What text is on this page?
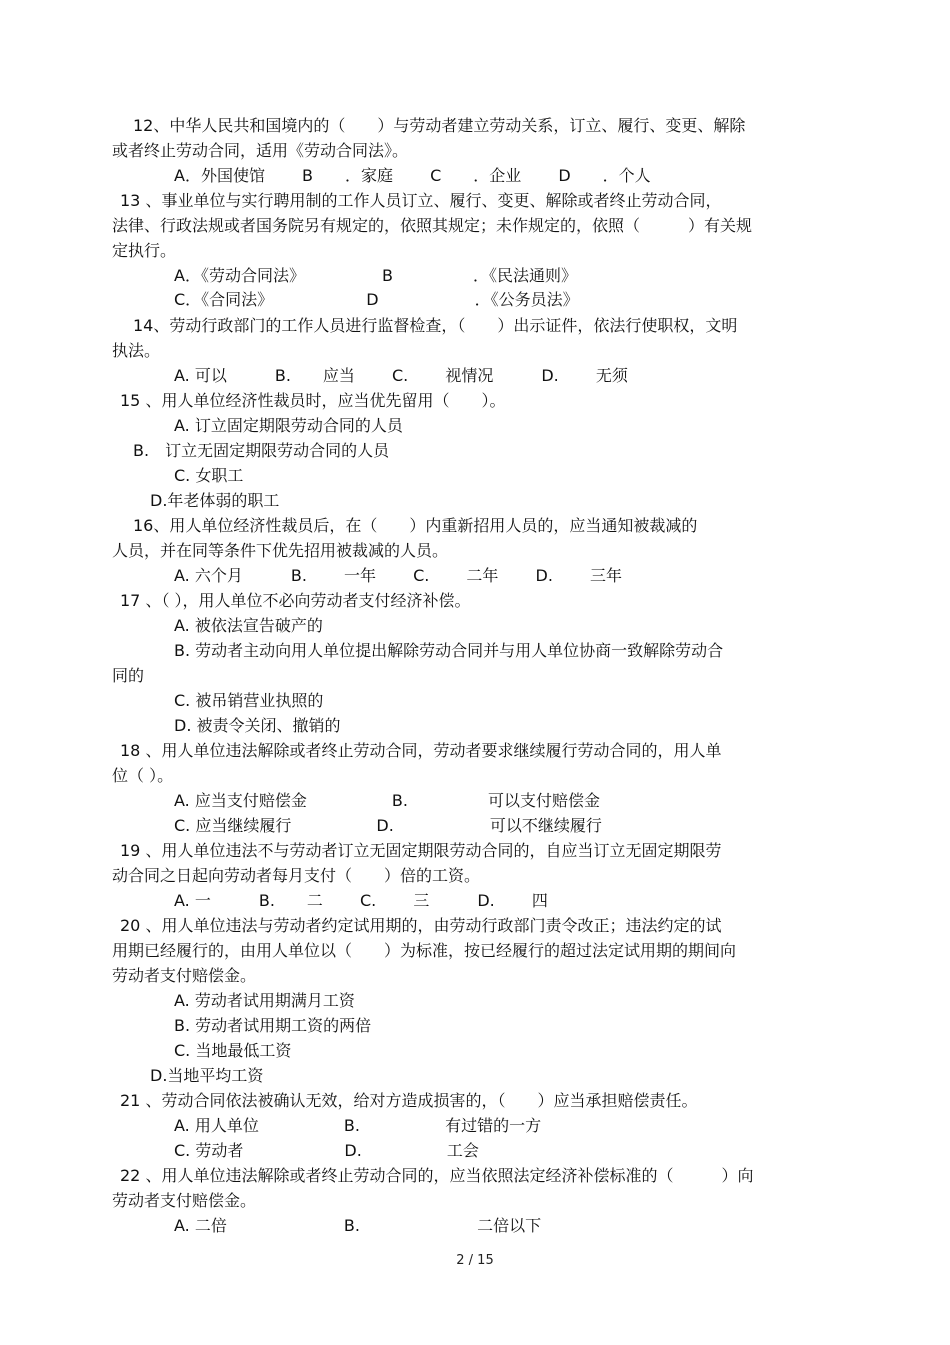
12、中华人民共和国境内的（　　）与劳动者建立劳动关系，订立、履行、变更、解除
或者终止劳动合同，适用《劳动合同法》。
A．外国使馆　　 B　　．家庭　　 C　　．企业　　 D　　．个人
13 、事业单位与实行聘用制的工作人员订立、履行、变更、解除或者终止劳动合同，
法律、行政法规或者国务院另有规定的，依照其规定；未作规定的，依照（　　　）有关规
定执行。
A．《劳动合同法》　　　　　 B　　　　　．《民法通则》
C．《合同法》　　　　　　 D　　　　　　．《公务员法》
14、劳动行政部门的工作人员进行监督检查，（　　）出示证件，依法行使职权，文明
执法。
A. 可以　　　B.　　应当　　 C.　　 视情况　　　D.　　 无须
15 、用人单位经济性裁员时，应当优先留用（　　）。
A. 订立固定期限劳动合同的人员
B.　订立无固定期限劳动合同的人员
C. 女职工
D.年老体弱的职工
16、用人单位经济性裁员后，在（　　）内重新招用人员的，应当通知被裁减的
人员，并在同等条件下优先招用被裁减的人员。
A. 六个月　　　B.　　 一年　　 C.　　 二年　　 D.　　 三年
17 、（ ），用人单位不必向劳动者支付经济补偿。
A. 被依法宣告破产的
B. 劳动者主动向用人单位提出解除劳动合同并与用人单位协商一致解除劳动合
同的
C. 被吊销营业执照的
D. 被责令关闭、撤销的
18 、用人单位违法解除或者终止劳动合同，劳动者要求继续履行劳动合同的，用人单
位（ ）。
A. 应当支付赔偿金　　　　　 B.　　　　　可以支付赔偿金
C. 应当继续履行　　　　　 D.　　　　　　可以不继续履行
19 、用人单位违法不与劳动者订立无固定期限劳动合同的，自应当订立无固定期限劳
动合同之日起向劳动者每月支付（　　）倍的工资。
A. 一　　　B.　　二　　 C.　　 三　　　D.　　 四
20 、用人单位违法与劳动者约定试用期的，由劳动行政部门责令改正；违法约定的试
用期已经履行的，由用人单位以（　　）为标准，按已经履行的超过法定试用期的期间向
劳动者支付赔偿金。
A. 劳动者试用期满月工资
B. 劳动者试用期工资的两倍
C. 当地最低工资
D.当地平均工资
21 、劳动合同依法被确认无效，给对方造成损害的，（　　）应当承担赔偿责任。
A. 用人单位　　　　　 B.　　　　　 有过错的一方
C. 劳动者　　　　　　 D.　　　　　 工会
22 、用人单位违法解除或者终止劳动合同的，应当依照法定经济补偿标准的（　　　）向
劳动者支付赔偿金。
A. 二倍　　　　　　　 B.　　　　　　　 二倍以下
2 / 15
